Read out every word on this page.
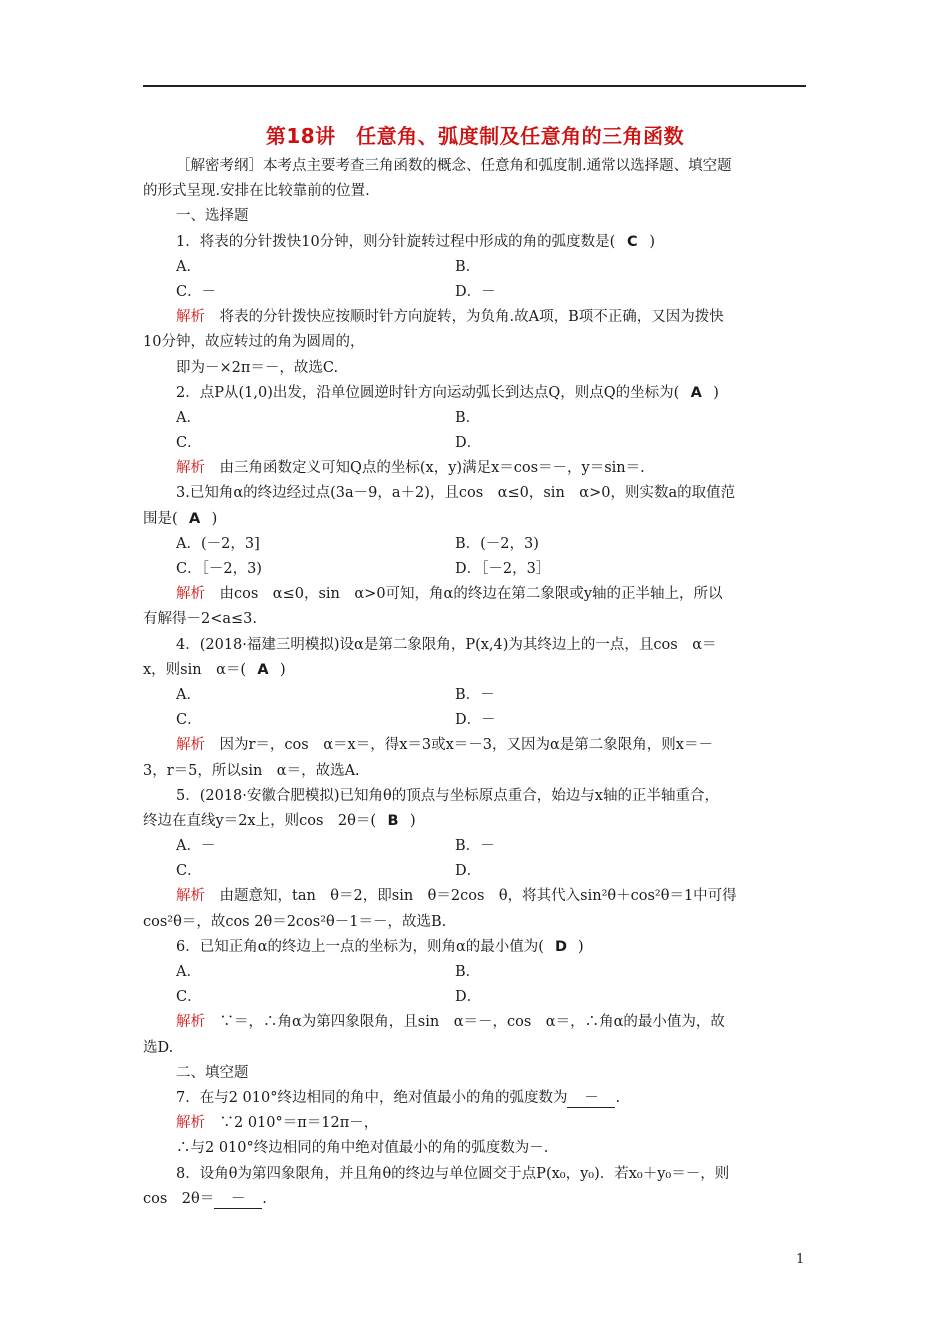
第18讲　任意角、弧度制及任意角的三角函数
［解密考纲］本考点主要考查三角函数的概念、任意角和弧度制.通常以选择题、填空题
的形式呈现.安排在比较靠前的位置.
一、选择题
1．将表的分针拨快10分钟，则分针旋转过程中形成的角的弧度数是( C )
A．	B．
C．－	D．－
解析　将表的分针拨快应按顺时针方向旋转，为负角.故A项，B项不正确，又因为拨快
10分钟，故应转过的角为圆周的，
即为－×2π＝－，故选C.
2．点P从(1,0)出发，沿单位圆逆时针方向运动弧长到达点Q，则点Q的坐标为( A )
A．	B．
C．	D．
解析　由三角函数定义可知Q点的坐标(x，y)满足x＝cos＝－，y＝sin＝.
3.已知角α的终边经过点(3a－9，a＋2)，且cos　α≤0，sin　α>0，则实数a的取值范
围是( A )
A．(－2，3]	B．(－2，3)
C．［－2，3)	D．［－2，3］
解析　由cos　α≤0，sin　α>0可知，角α的终边在第二象限或y轴的正半轴上，所以
有解得－2<a≤3.
4．(2018·福建三明模拟)设α是第二象限角，P(x,4)为其终边上的一点，且cos　α＝
x，则sin　α＝( A )
A．	B．－
C．	D．－
解析　因为r＝，cos　α＝x＝，得x＝3或x＝－3，又因为α是第二象限角，则x＝－
3，r＝5，所以sin　α＝，故选A.
5．(2018·安徽合肥模拟)已知角θ的顶点与坐标原点重合，始边与x轴的正半轴重合，
终边在直线y＝2x上，则cos　2θ＝( B )
A．－	B．－
C．	D．
解析　由题意知，tan　θ＝2，即sin　θ＝2cos　θ，将其代入sin²θ＋cos²θ＝1中可得
cos²θ＝，故cos 2θ＝2cos²θ－1＝－，故选B.
6．已知正角α的终边上一点的坐标为，则角α的最小值为( D )
A．	B．
C．	D．
解析　∵＝，∴角α为第四象限角，且sin　α＝－，cos　α＝，∴角α的最小值为，故
选D.
二、填空题
7．在与2 010°终边相同的角中，绝对值最小的角的弧度数为 － .
解析　∵2 010°＝π＝12π－，
∴与2 010°终边相同的角中绝对值最小的角的弧度数为－.
8．设角θ为第四象限角，并且角θ的终边与单位圆交于点P(x₀，y₀)．若x₀＋y₀＝－，则
cos　2θ＝ － .
1
